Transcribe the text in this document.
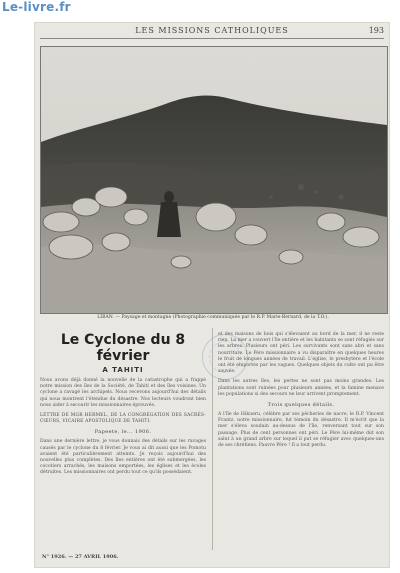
Le-livre.fr
LES MISSIONS CATHOLIQUES	193
LIBAN. — Paysage et montagne (Photographie communiquée par le R.P. Marie-Bernard, de la T.O.).
Le Cyclone du 8 février
A TAHITI
Nous avons déjà donné la nouvelle de la catastrophe qui a frappé notre mission des îles de la Société, de Tahiti et des îles voisines. Un cyclone a ravagé les archipels. Nous recevons aujourd'hui des détails qui nous montrent l'étendue du désastre. Nos lecteurs voudront bien nous aider à secourir les missionnaires éprouvés.
LETTRE DE MGR HERMEL, DE LA CONGRÉGATION DES SACRÉS-CŒURS, VICAIRE APOSTOLIQUE DE TAHITI.
Papeete, le... 1906.
Dans une dernière lettre, je vous donnais des détails sur les ravages causés par le cyclone du 8 février. Je vous ai dit aussi que les Pomotu avaient été particulièrement atteints. Je reçois aujourd'hui des nouvelles plus complètes. Des îles entières ont été submergées, les cocotiers arrachés, les maisons emportées, les églises et les écoles détruites. Les missionnaires ont perdu tout ce qu'ils possédaient.
et des maisons de bois qui s'élevaient au bord de la mer, il ne reste rien. La mer a couvert l'île entière et les habitants se sont réfugiés sur les arbres. Plusieurs ont péri. Les survivants sont sans abri et sans nourriture. Le Père missionnaire a vu disparaître en quelques heures le fruit de longues années de travail. L'église, le presbytère et l'école ont été emportés par les vagues. Quelques objets du culte ont pu être sauvés.
Dans les autres îles, les pertes ne sont pas moins grandes. Les plantations sont ruinées pour plusieurs années, et la famine menace les populations si des secours ne leur arrivent promptement.
Trois quelques détails.
A l'île de Hikueru, célèbre par ses pêcheries de nacre, le R.P. Vincent Frantz, notre missionnaire, fut témoin du désastre. Il m'écrit que la mer s'éleva soudain au-dessus de l'île, renversant tout sur son passage. Plus de cent personnes ont péri. Le Père lui-même dut son salut à un grand arbre sur lequel il put se réfugier avec quelques-uns de ses chrétiens. Pauvre Père ! Il a tout perdu.
N° 1926. — 27 AVRIL 1906.
